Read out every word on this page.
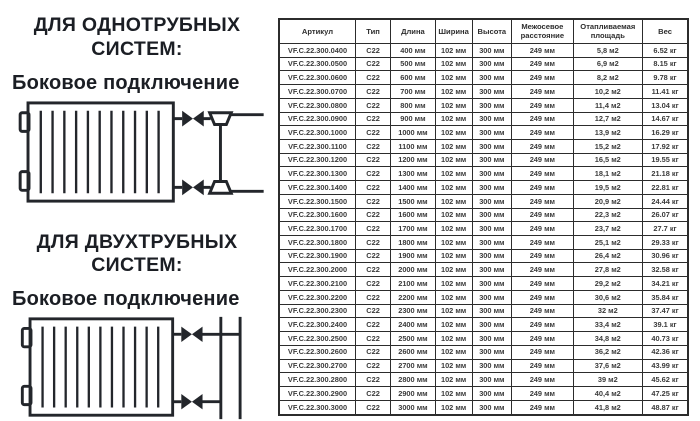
ДЛЯ ОДНОТРУБНЫХ СИСТЕМ:
Боковое подключение
ДЛЯ ДВУХТРУБНЫХ СИСТЕМ:
Боковое подключение
Артикул	Тип	Длина	Ширина	Высота	Межосевое расстояние	Отапливаемая площадь	Вес
VF.C.22.300.0400	C22	400 мм	102 мм	300 мм	249 мм	5,8 м2	6.52 кг
VF.C.22.300.0500	C22	500 мм	102 мм	300 мм	249 мм	6,9 м2	8.15 кг
VF.C.22.300.0600	C22	600 мм	102 мм	300 мм	249 мм	8,2 м2	9.78 кг
VF.C.22.300.0700	C22	700 мм	102 мм	300 мм	249 мм	10,2 м2	11.41 кг
VF.C.22.300.0800	C22	800 мм	102 мм	300 мм	249 мм	11,4 м2	13.04 кг
VF.C.22.300.0900	C22	900 мм	102 мм	300 мм	249 мм	12,7 м2	14.67 кг
VF.C.22.300.1000	C22	1000 мм	102 мм	300 мм	249 мм	13,9 м2	16.29 кг
VF.C.22.300.1100	C22	1100 мм	102 мм	300 мм	249 мм	15,2 м2	17.92 кг
VF.C.22.300.1200	C22	1200 мм	102 мм	300 мм	249 мм	16,5 м2	19.55 кг
VF.C.22.300.1300	C22	1300 мм	102 мм	300 мм	249 мм	18,1 м2	21.18 кг
VF.C.22.300.1400	C22	1400 мм	102 мм	300 мм	249 мм	19,5 м2	22.81 кг
VF.C.22.300.1500	C22	1500 мм	102 мм	300 мм	249 мм	20,9 м2	24.44 кг
VF.C.22.300.1600	C22	1600 мм	102 мм	300 мм	249 мм	22,3 м2	26.07 кг
VF.C.22.300.1700	C22	1700 мм	102 мм	300 мм	249 мм	23,7 м2	27.7 кг
VF.C.22.300.1800	C22	1800 мм	102 мм	300 мм	249 мм	25,1 м2	29.33 кг
VF.C.22.300.1900	C22	1900 мм	102 мм	300 мм	249 мм	26,4 м2	30.96 кг
VF.C.22.300.2000	C22	2000 мм	102 мм	300 мм	249 мм	27,8 м2	32.58 кг
VF.C.22.300.2100	C22	2100 мм	102 мм	300 мм	249 мм	29,2 м2	34.21 кг
VF.C.22.300.2200	C22	2200 мм	102 мм	300 мм	249 мм	30,6 м2	35.84 кг
VF.C.22.300.2300	C22	2300 мм	102 мм	300 мм	249 мм	32 м2	37.47 кг
VF.C.22.300.2400	C22	2400 мм	102 мм	300 мм	249 мм	33,4 м2	39.1 кг
VF.C.22.300.2500	C22	2500 мм	102 мм	300 мм	249 мм	34,8 м2	40.73 кг
VF.C.22.300.2600	C22	2600 мм	102 мм	300 мм	249 мм	36,2 м2	42.36 кг
VF.C.22.300.2700	C22	2700 мм	102 мм	300 мм	249 мм	37,6 м2	43.99 кг
VF.C.22.300.2800	C22	2800 мм	102 мм	300 мм	249 мм	39 м2	45.62 кг
VF.C.22.300.2900	C22	2900 мм	102 мм	300 мм	249 мм	40,4 м2	47.25 кг
VF.C.22.300.3000	C22	3000 мм	102 мм	300 мм	249 мм	41,8 м2	48.87 кг
